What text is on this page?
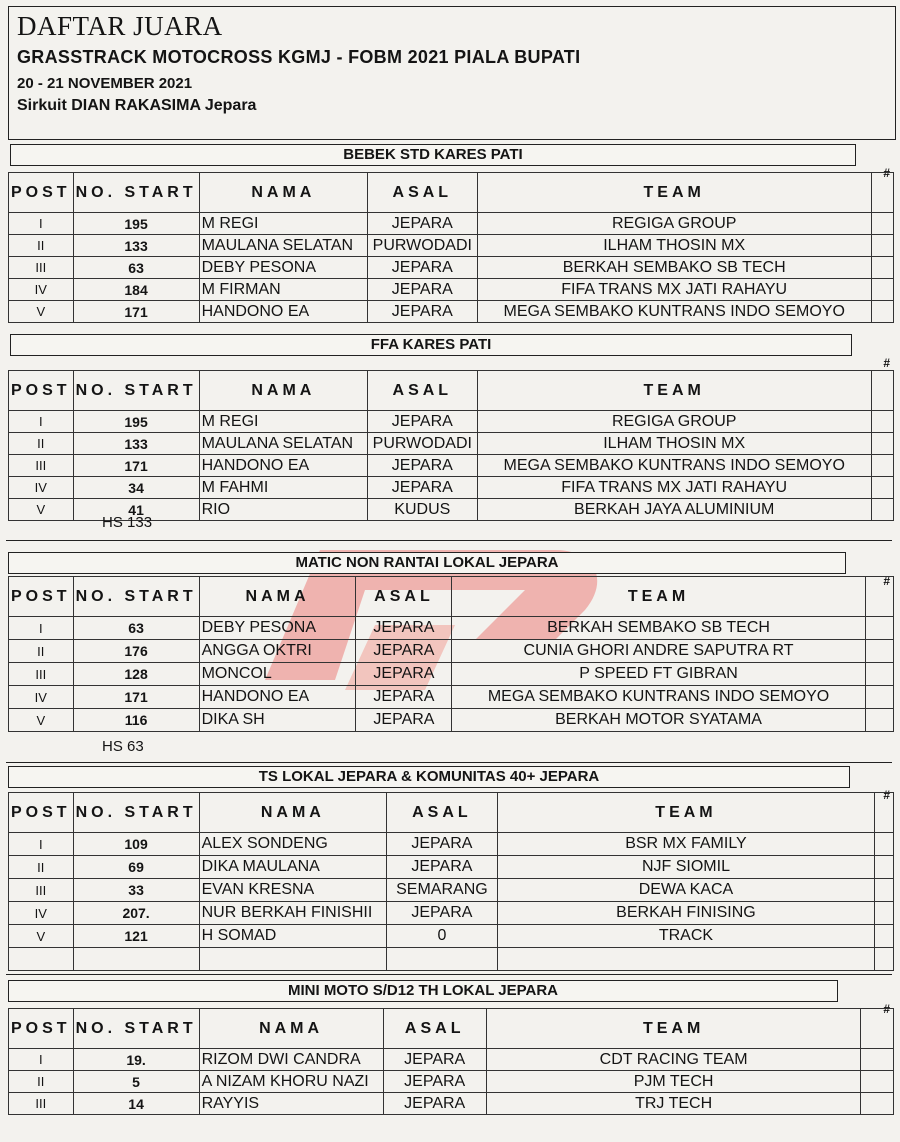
DAFTAR JUARA
GRASSTRACK MOTOCROSS KGMJ - FOBM 2021 PIALA BUPATI
20 - 21 NOVEMBER 2021
Sirkuit DIAN RAKASIMA Jepara
BEBEK STD KARES PATI
#
POST	NO. START	NAMA	ASAL	TEAM	
I	195	M REGI	JEPARA	REGIGA GROUP	
II	133	MAULANA SELATAN	PURWODADI	ILHAM THOSIN MX	
III	63	DEBY PESONA	JEPARA	BERKAH SEMBAKO SB TECH	
IV	184	M FIRMAN	JEPARA	FIFA TRANS MX JATI RAHAYU	
V	171	HANDONO EA	JEPARA	MEGA SEMBAKO KUNTRANS INDO SEMOYO	
FFA KARES PATI
#
POST	NO. START	NAMA	ASAL	TEAM	
I	195	M REGI	JEPARA	REGIGA GROUP	
II	133	MAULANA SELATAN	PURWODADI	ILHAM THOSIN MX	
III	171	HANDONO EA	JEPARA	MEGA SEMBAKO KUNTRANS INDO SEMOYO	
IV	34	M FAHMI	JEPARA	FIFA TRANS MX JATI RAHAYU	
V	41	RIO	KUDUS	BERKAH JAYA ALUMINIUM	
HS 133
MATIC NON RANTAI LOKAL JEPARA
#
POST	NO. START	NAMA	ASAL	TEAM	
I	63	DEBY PESONA	JEPARA	BERKAH SEMBAKO SB TECH	
II	176	ANGGA OKTRI	JEPARA	CUNIA GHORI ANDRE SAPUTRA RT	
III	128	MONCOL	JEPARA	P SPEED FT GIBRAN	
IV	171	HANDONO EA	JEPARA	MEGA SEMBAKO KUNTRANS INDO SEMOYO	
V	116	DIKA SH	JEPARA	BERKAH MOTOR SYATAMA	
HS 63
TS LOKAL JEPARA & KOMUNITAS 40+ JEPARA
#
POST	NO. START	NAMA	ASAL	TEAM	
I	109	ALEX SONDENG	JEPARA	BSR MX FAMILY	
II	69	DIKA MAULANA	JEPARA	NJF SIOMIL	
III	33	EVAN KRESNA	SEMARANG	DEWA KACA	
IV	207.	NUR BERKAH FINISHII	JEPARA	BERKAH FINISING	
V	121	H SOMAD	0	TRACK	

MINI MOTO S/D12 TH LOKAL JEPARA
#
POST	NO. START	NAMA	ASAL	TEAM	
I	19.	RIZOM DWI CANDRA	JEPARA	CDT RACING TEAM	
II	5	A NIZAM KHORU NAZI	JEPARA	PJM TECH	
III	14	RAYYIS	JEPARA	TRJ TECH	
